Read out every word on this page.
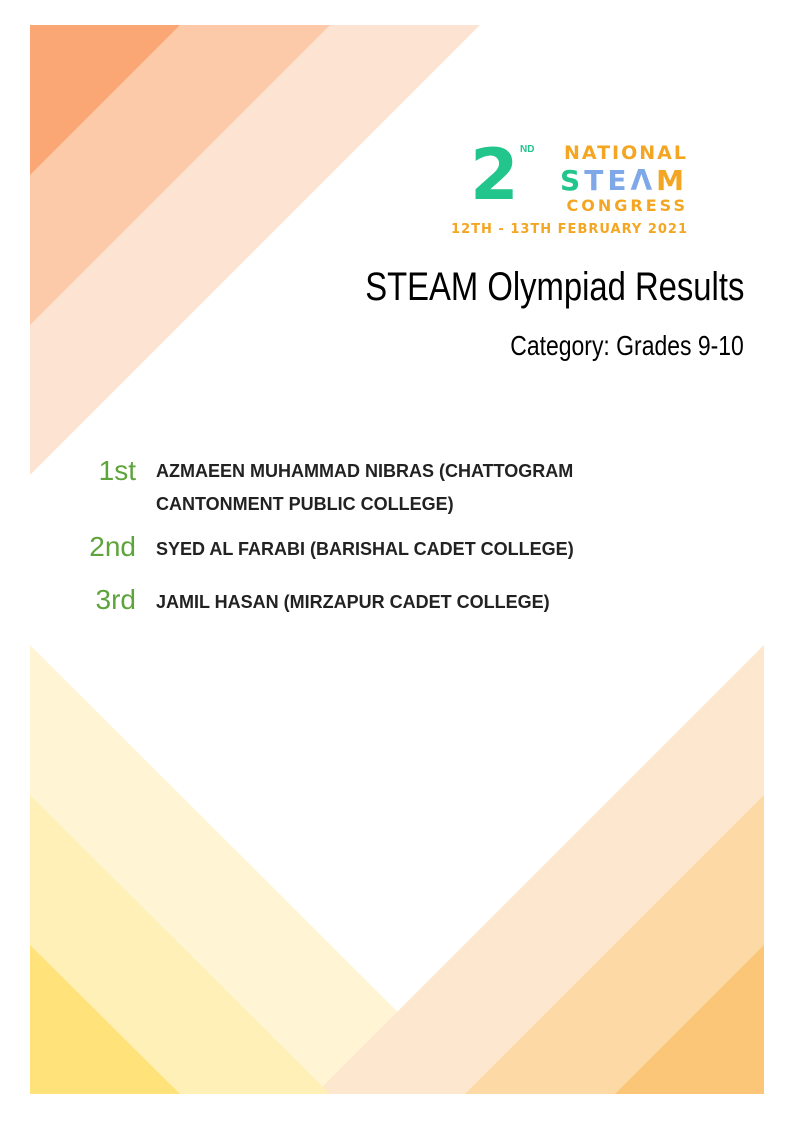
2 ND NATIONAL
STEΛM
CONGRESS
12TH - 13TH FEBRUARY 2021
STEAM Olympiad Results
Category: Grades 9-10
1st AZMAEEN MUHAMMAD NIBRAS (CHATTOGRAM CANTONMENT PUBLIC COLLEGE)
2nd SYED AL FARABI (BARISHAL CADET COLLEGE)
3rd JAMIL HASAN (MIRZAPUR CADET COLLEGE)
